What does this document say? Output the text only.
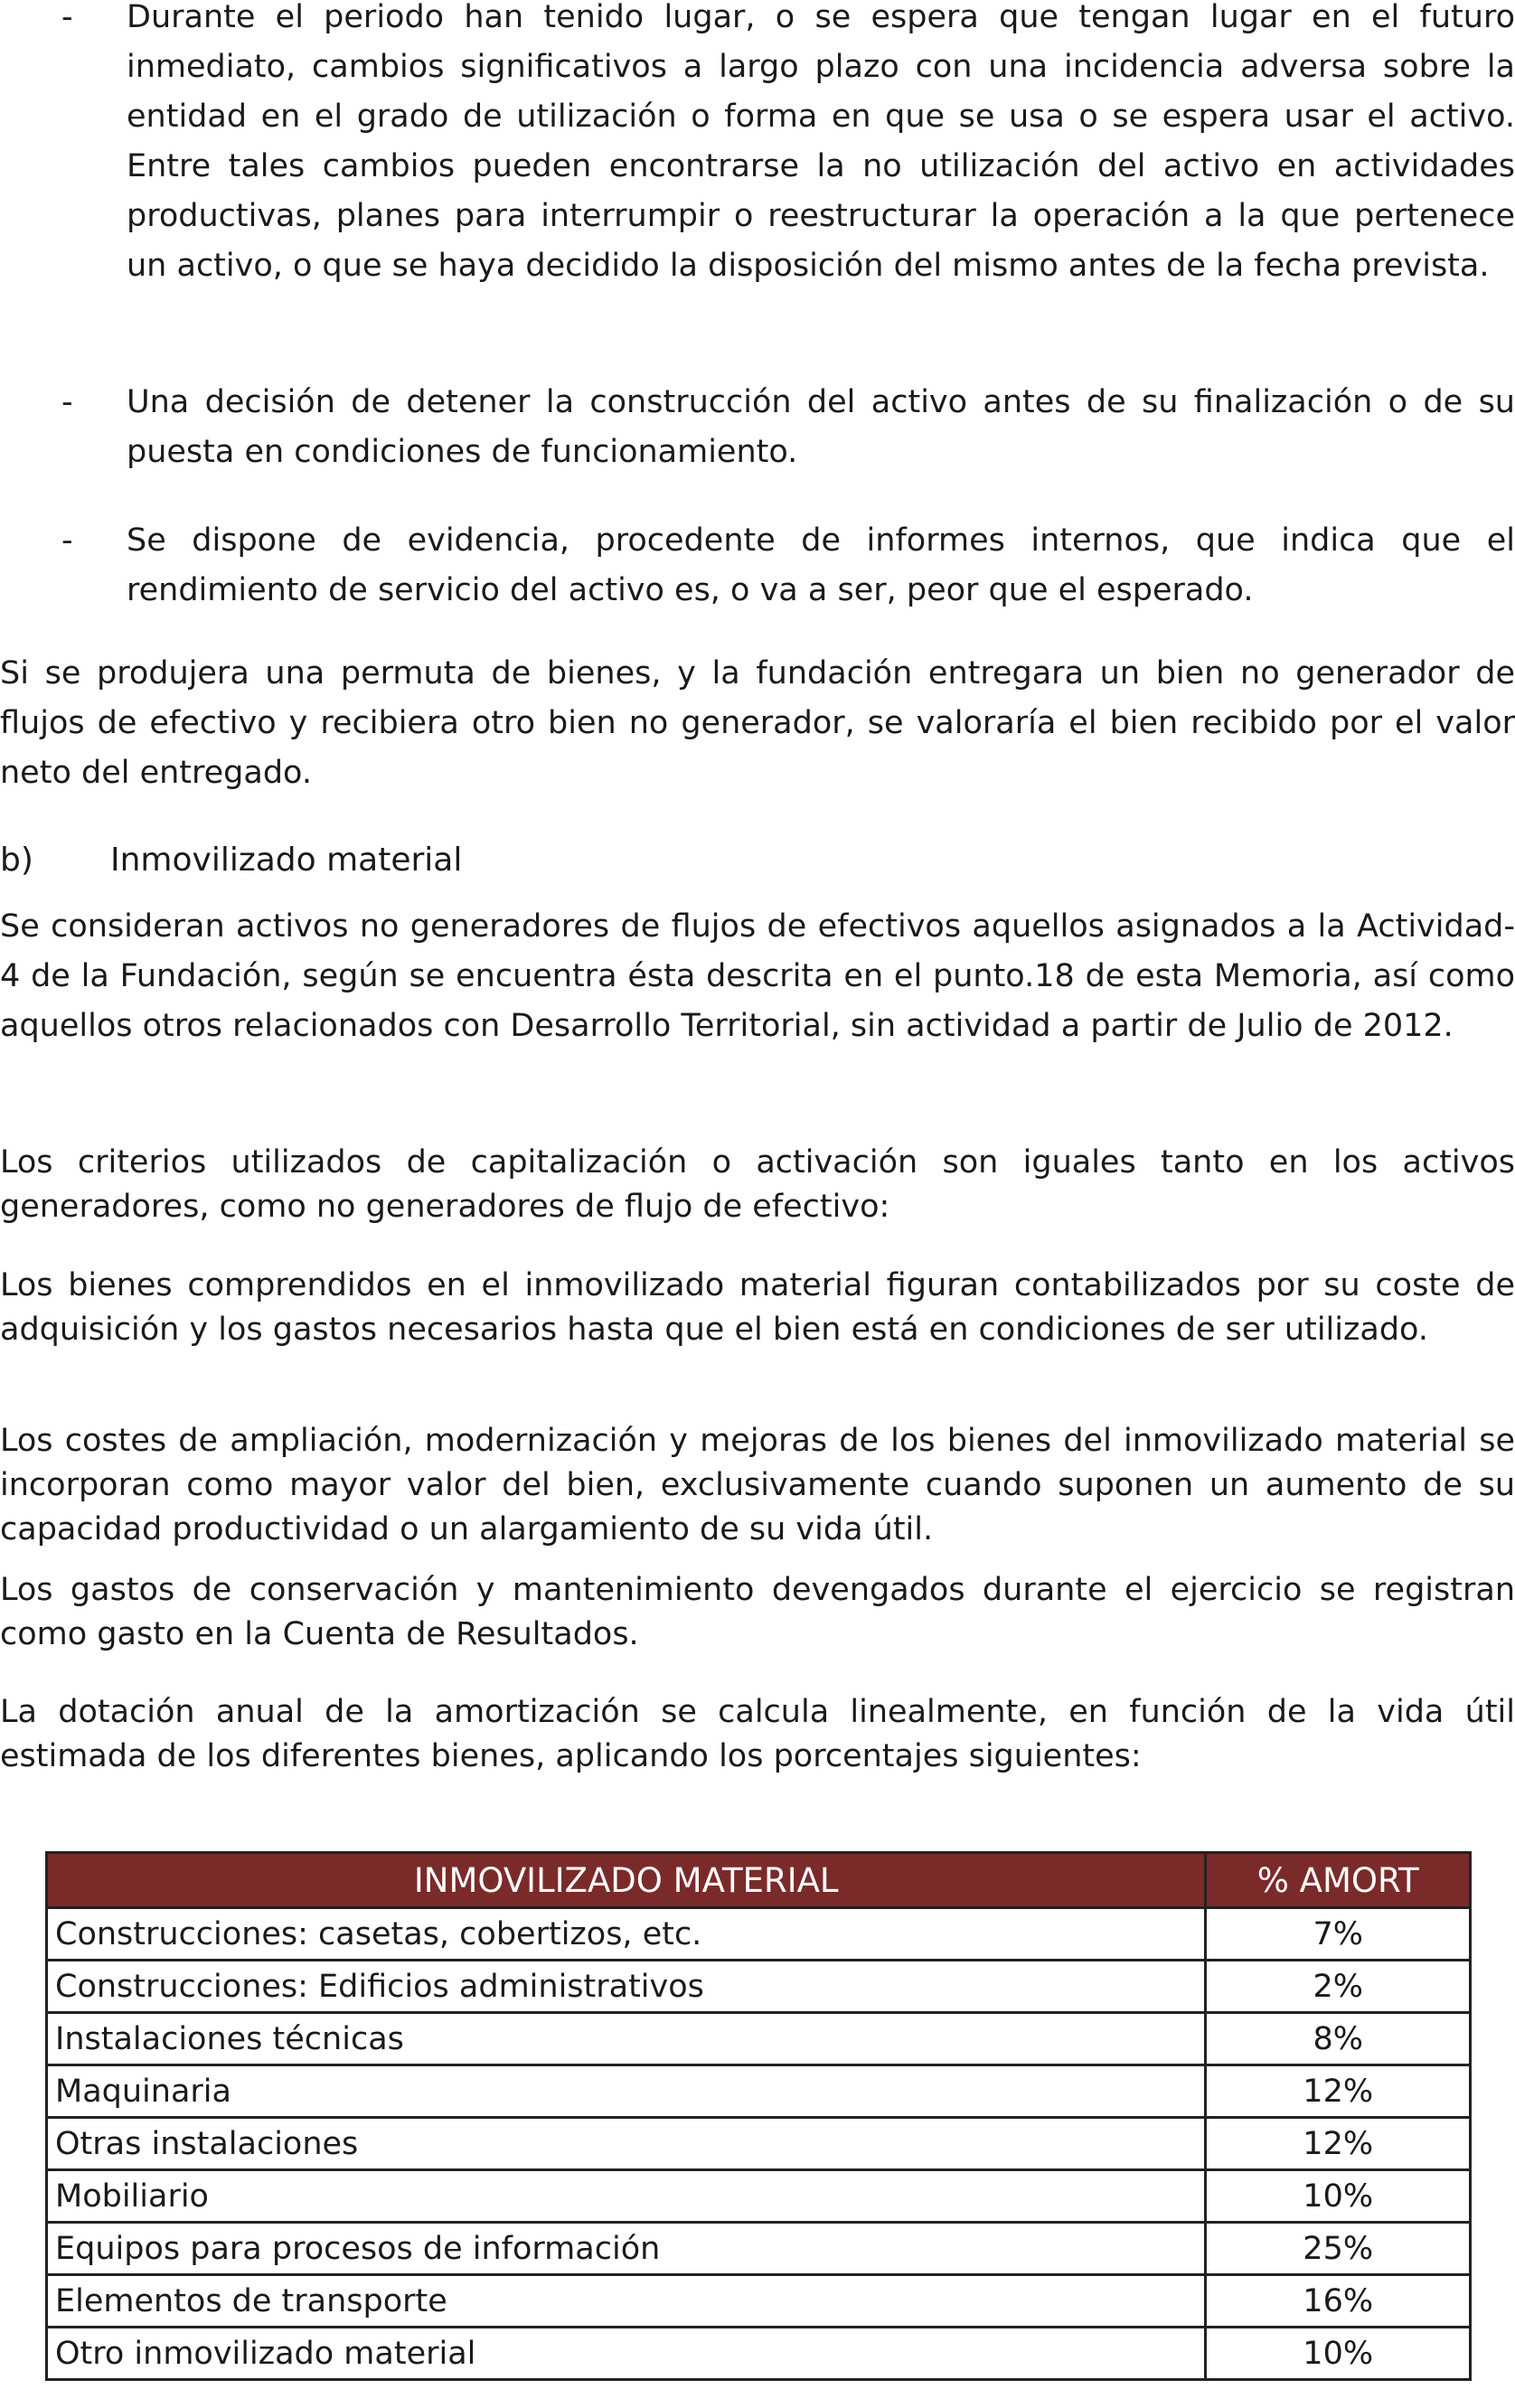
- Durante el periodo han tenido lugar, o se espera que tengan lugar en el futuro inmediato, cambios significativos a largo plazo con una incidencia adversa sobre la entidad en el grado de utilización o forma en que se usa o se espera usar el activo. Entre tales cambios pueden encontrarse la no utilización del activo en actividades productivas, planes para interrumpir o reestructurar la operación a la que pertenece un activo, o que se haya decidido la disposición del mismo antes de la fecha prevista.

- Una decisión de detener la construcción del activo antes de su finalización o de su puesta en condiciones de funcionamiento.

- Se dispone de evidencia, procedente de informes internos, que indica que el rendimiento de servicio del activo es, o va a ser, peor que el esperado.

Si se produjera una permuta de bienes, y la fundación entregara un bien no generador de flujos de efectivo y recibiera otro bien no generador, se valoraría el bien recibido por el valor neto del entregado.

b) Inmovilizado material

Se consideran activos no generadores de flujos de efectivos aquellos asignados a la Actividad-4 de la Fundación, según se encuentra ésta descrita en el punto.18 de esta Memoria, así como aquellos otros relacionados con Desarrollo Territorial, sin actividad a partir de Julio de 2012.

Los criterios utilizados de capitalización o activación son iguales tanto en los activos generadores, como no generadores de flujo de efectivo:

Los bienes comprendidos en el inmovilizado material figuran contabilizados por su coste de adquisición y los gastos necesarios hasta que el bien está en condiciones de ser utilizado.

Los costes de ampliación, modernización y mejoras de los bienes del inmovilizado material se incorporan como mayor valor del bien, exclusivamente cuando suponen un aumento de su capacidad productividad o un alargamiento de su vida útil.

Los gastos de conservación y mantenimiento devengados durante el ejercicio se registran como gasto en la Cuenta de Resultados.

La dotación anual de la amortización se calcula linealmente, en función de la vida útil estimada de los diferentes bienes, aplicando los porcentajes siguientes:

INMOVILIZADO MATERIAL	% AMORT
Construcciones: casetas, cobertizos, etc.	7%
Construcciones: Edificios administrativos	2%
Instalaciones técnicas	8%
Maquinaria	12%
Otras instalaciones	12%
Mobiliario	10%
Equipos para procesos de información	25%
Elementos de transporte	16%
Otro inmovilizado material	10%
